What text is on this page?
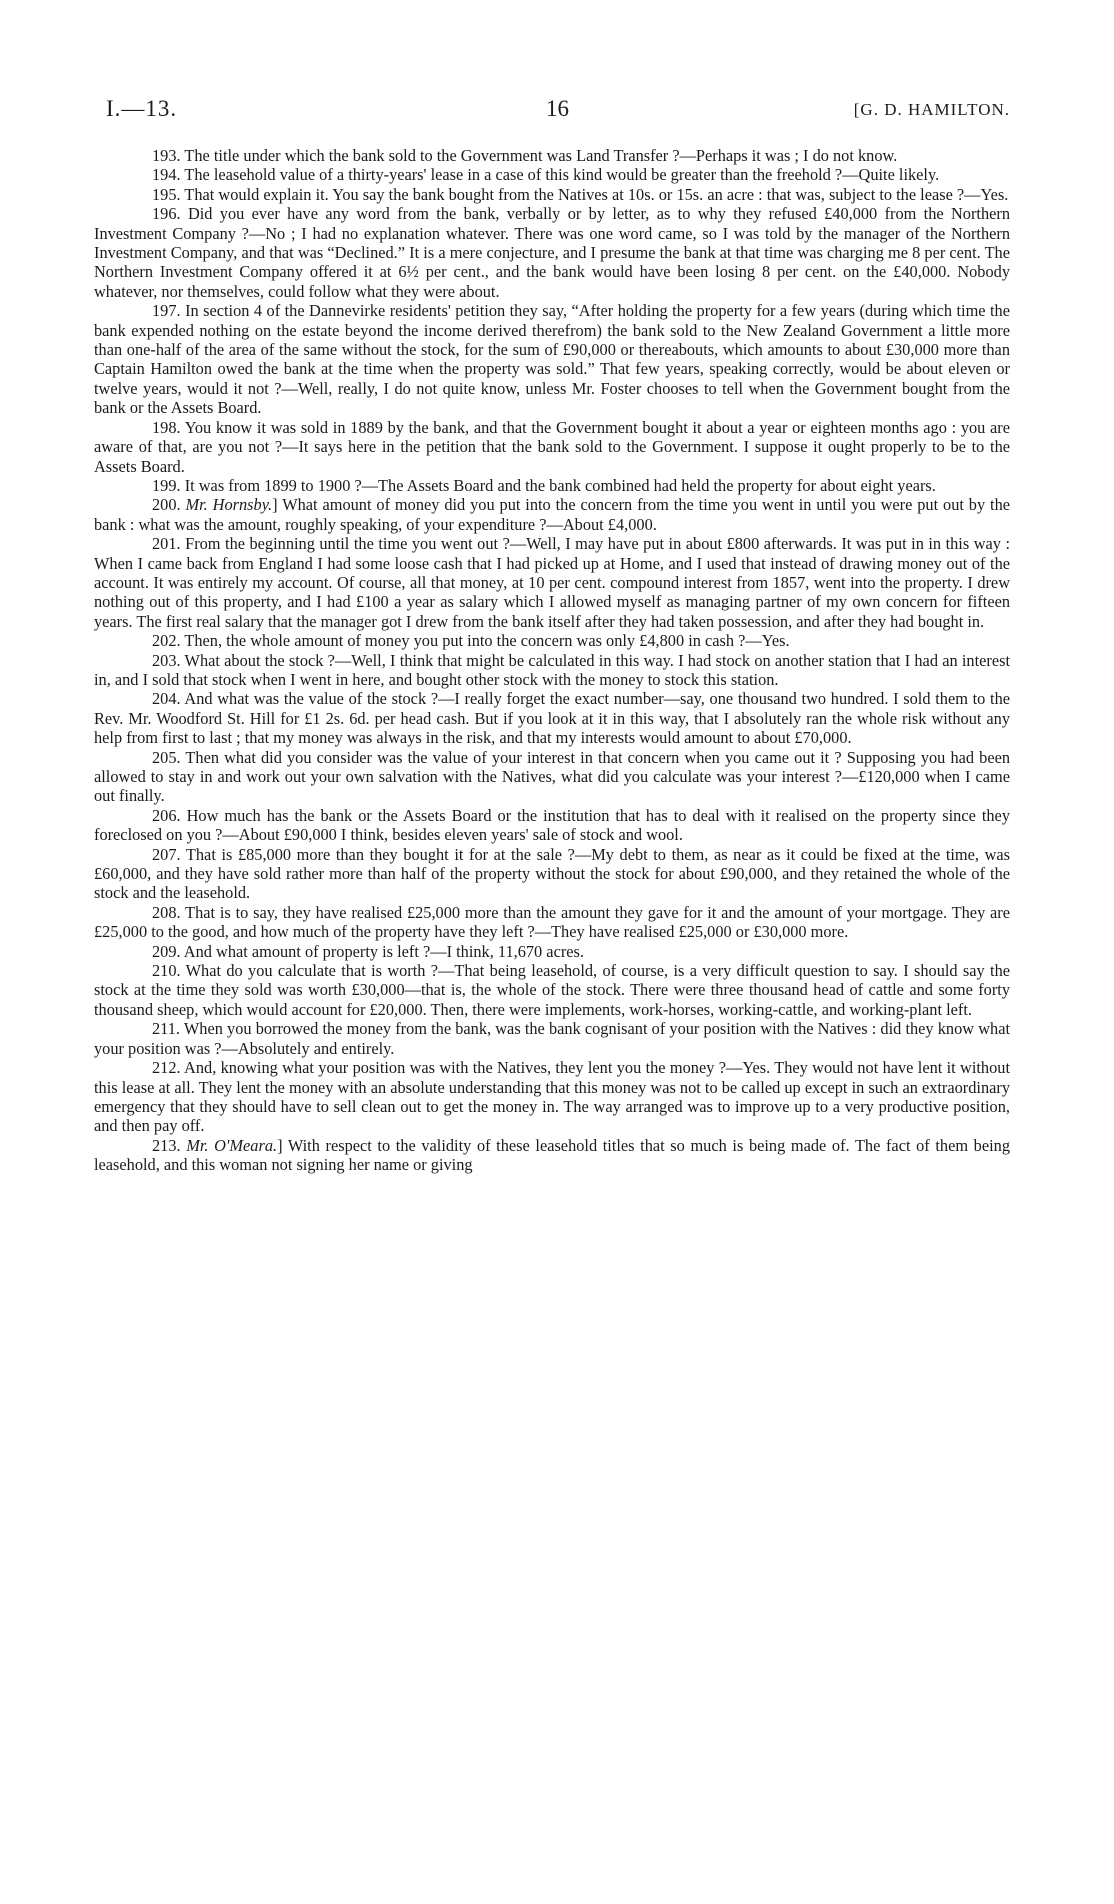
I.—13.	16	[G. D. HAMILTON.

193. The title under which the bank sold to the Government was Land Transfer ?—Perhaps it was ; I do not know.

194. The leasehold value of a thirty-years' lease in a case of this kind would be greater than the freehold ?—Quite likely.

195. That would explain it. You say the bank bought from the Natives at 10s. or 15s. an acre : that was, subject to the lease ?—Yes.

196. Did you ever have any word from the bank, verbally or by letter, as to why they refused £40,000 from the Northern Investment Company ?—No ; I had no explanation whatever. There was one word came, so I was told by the manager of the Northern Investment Company, and that was “Declined.” It is a mere conjecture, and I presume the bank at that time was charging me 8 per cent. The Northern Investment Company offered it at 6½ per cent., and the bank would have been losing 8 per cent. on the £40,000. Nobody whatever, nor themselves, could follow what they were about.

197. In section 4 of the Dannevirke residents' petition they say, “After holding the property for a few years (during which time the bank expended nothing on the estate beyond the income derived therefrom) the bank sold to the New Zealand Government a little more than one-half of the area of the same without the stock, for the sum of £90,000 or thereabouts, which amounts to about £30,000 more than Captain Hamilton owed the bank at the time when the property was sold.” That few years, speaking correctly, would be about eleven or twelve years, would it not ?—Well, really, I do not quite know, unless Mr. Foster chooses to tell when the Government bought from the bank or the Assets Board.

198. You know it was sold in 1889 by the bank, and that the Government bought it about a year or eighteen months ago : you are aware of that, are you not ?—It says here in the petition that the bank sold to the Government. I suppose it ought properly to be to the Assets Board.

199. It was from 1899 to 1900 ?—The Assets Board and the bank combined had held the property for about eight years.

200. Mr. Hornsby.] What amount of money did you put into the concern from the time you went in until you were put out by the bank : what was the amount, roughly speaking, of your expenditure ?—About £4,000.

201. From the beginning until the time you went out ?—Well, I may have put in about £800 afterwards. It was put in in this way : When I came back from England I had some loose cash that I had picked up at Home, and I used that instead of drawing money out of the account. It was entirely my account. Of course, all that money, at 10 per cent. compound interest from 1857, went into the property. I drew nothing out of this property, and I had £100 a year as salary which I allowed myself as managing partner of my own concern for fifteen years. The first real salary that the manager got I drew from the bank itself after they had taken possession, and after they had bought in.

202. Then, the whole amount of money you put into the concern was only £4,800 in cash ?—Yes.

203. What about the stock ?—Well, I think that might be calculated in this way. I had stock on another station that I had an interest in, and I sold that stock when I went in here, and bought other stock with the money to stock this station.

204. And what was the value of the stock ?—I really forget the exact number—say, one thousand two hundred. I sold them to the Rev. Mr. Woodford St. Hill for £1 2s. 6d. per head cash. But if you look at it in this way, that I absolutely ran the whole risk without any help from first to last ; that my money was always in the risk, and that my interests would amount to about £70,000.

205. Then what did you consider was the value of your interest in that concern when you came out it ? Supposing you had been allowed to stay in and work out your own salvation with the Natives, what did you calculate was your interest ?—£120,000 when I came out finally.

206. How much has the bank or the Assets Board or the institution that has to deal with it realised on the property since they foreclosed on you ?—About £90,000 I think, besides eleven years' sale of stock and wool.

207. That is £85,000 more than they bought it for at the sale ?—My debt to them, as near as it could be fixed at the time, was £60,000, and they have sold rather more than half of the property without the stock for about £90,000, and they retained the whole of the stock and the leasehold.

208. That is to say, they have realised £25,000 more than the amount they gave for it and the amount of your mortgage. They are £25,000 to the good, and how much of the property have they left ?—They have realised £25,000 or £30,000 more.

209. And what amount of property is left ?—I think, 11,670 acres.

210. What do you calculate that is worth ?—That being leasehold, of course, is a very difficult question to say. I should say the stock at the time they sold was worth £30,000—that is, the whole of the stock. There were three thousand head of cattle and some forty thousand sheep, which would account for £20,000. Then, there were implements, work-horses, working-cattle, and working-plant left.

211. When you borrowed the money from the bank, was the bank cognisant of your position with the Natives : did they know what your position was ?—Absolutely and entirely.

212. And, knowing what your position was with the Natives, they lent you the money ?—Yes. They would not have lent it without this lease at all. They lent the money with an absolute understanding that this money was not to be called up except in such an extraordinary emergency that they should have to sell clean out to get the money in. The way arranged was to improve up to a very productive position, and then pay off.

213. Mr. O'Meara.] With respect to the validity of these leasehold titles that so much is being made of. The fact of them being leasehold, and this woman not signing her name or giving
